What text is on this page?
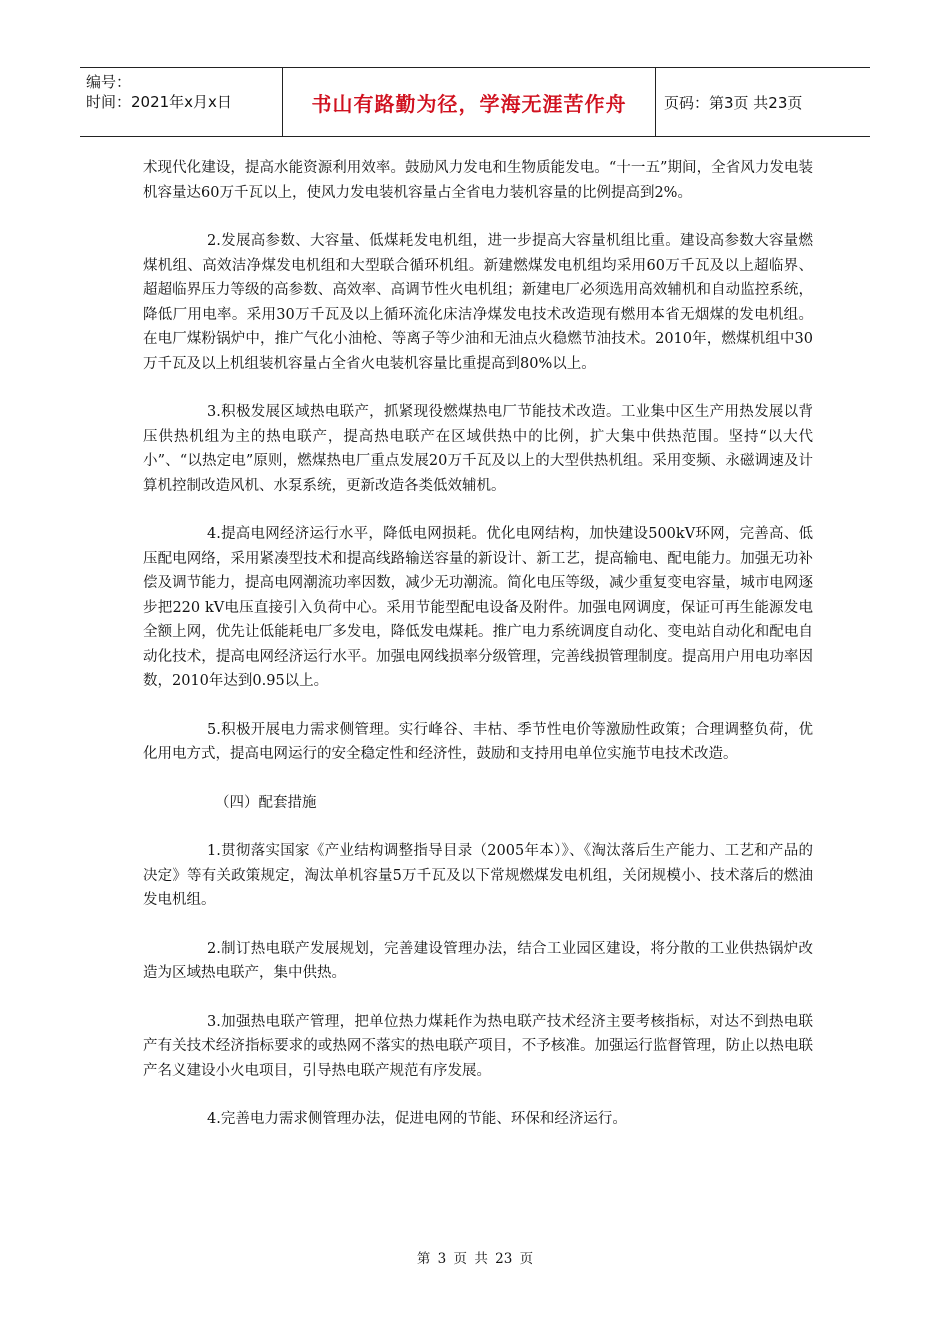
编号：
时间：2021年x月x日	书山有路勤为径，学海无涯苦作舟	页码：第3页 共23页

术现代化建设，提高水能资源利用效率。鼓励风力发电和生物质能发电。“十一五”期间，全省风力发电装机容量达60万千瓦以上，使风力发电装机容量占全省电力装机容量的比例提高到2%。

2.发展高参数、大容量、低煤耗发电机组，进一步提高大容量机组比重。建设高参数大容量燃煤机组、高效洁净煤发电机组和大型联合循环机组。新建燃煤发电机组均采用60万千瓦及以上超临界、超超临界压力等级的高参数、高效率、高调节性火电机组；新建电厂必须选用高效辅机和自动监控系统，降低厂用电率。采用30万千瓦及以上循环流化床洁净煤发电技术改造现有燃用本省无烟煤的发电机组。在电厂煤粉锅炉中，推广气化小油枪、等离子等少油和无油点火稳燃节油技术。2010年，燃煤机组中30万千瓦及以上机组装机容量占全省火电装机容量比重提高到80%以上。

3.积极发展区域热电联产，抓紧现役燃煤热电厂节能技术改造。工业集中区生产用热发展以背压供热机组为主的热电联产，提高热电联产在区域供热中的比例，扩大集中供热范围。坚持“以大代小”、“以热定电”原则，燃煤热电厂重点发展20万千瓦及以上的大型供热机组。采用变频、永磁调速及计算机控制改造风机、水泵系统，更新改造各类低效辅机。

4.提高电网经济运行水平，降低电网损耗。优化电网结构，加快建设500kV环网，完善高、低压配电网络，采用紧凑型技术和提高线路输送容量的新设计、新工艺，提高输电、配电能力。加强无功补偿及调节能力，提高电网潮流功率因数，减少无功潮流。简化电压等级，减少重复变电容量，城市电网逐步把220 kV电压直接引入负荷中心。采用节能型配电设备及附件。加强电网调度，保证可再生能源发电全额上网，优先让低能耗电厂多发电，降低发电煤耗。推广电力系统调度自动化、变电站自动化和配电自动化技术，提高电网经济运行水平。加强电网线损率分级管理，完善线损管理制度。提高用户用电功率因数，2010年达到0.95以上。

5.积极开展电力需求侧管理。实行峰谷、丰枯、季节性电价等激励性政策；合理调整负荷，优化用电方式，提高电网运行的安全稳定性和经济性，鼓励和支持用电单位实施节电技术改造。

（四）配套措施

1.贯彻落实国家《产业结构调整指导目录（2005年本）》、《淘汰落后生产能力、工艺和产品的决定》等有关政策规定，淘汰单机容量5万千瓦及以下常规燃煤发电机组，关闭规模小、技术落后的燃油发电机组。

2.制订热电联产发展规划，完善建设管理办法，结合工业园区建设，将分散的工业供热锅炉改造为区域热电联产，集中供热。

3.加强热电联产管理，把单位热力煤耗作为热电联产技术经济主要考核指标，对达不到热电联产有关技术经济指标要求的或热网不落实的热电联产项目，不予核准。加强运行监督管理，防止以热电联产名义建设小火电项目，引导热电联产规范有序发展。

4.完善电力需求侧管理办法，促进电网的节能、环保和经济运行。

第 3 页 共 23 页
